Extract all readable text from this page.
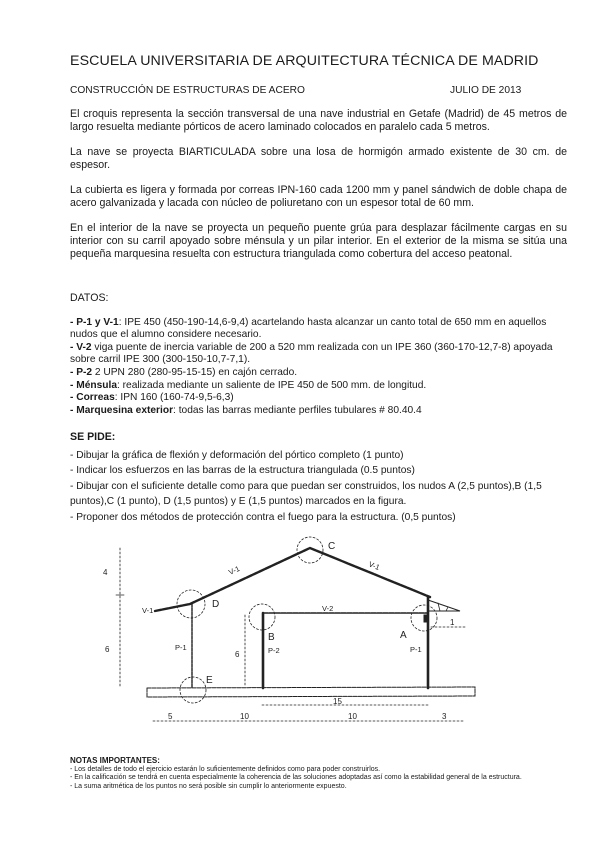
ESCUELA UNIVERSITARIA DE ARQUITECTURA TÉCNICA DE MADRID
CONSTRUCCIÓN DE ESTRUCTURAS DE ACERO	JULIO DE 2013

El croquis representa la sección transversal de una nave industrial en Getafe (Madrid) de 45 metros de largo resuelta mediante pórticos de acero laminado colocados en paralelo cada 5 metros.

La nave se proyecta BIARTICULADA sobre una losa de hormigón armado existente de 30 cm. de espesor.

La cubierta es ligera y formada por correas IPN-160 cada 1200 mm y panel sándwich de doble chapa de acero galvanizada y lacada con núcleo de poliuretano con un espesor total de 60 mm.

En el interior de la nave se proyecta un pequeño puente grúa para desplazar fácilmente cargas en su interior con su carril apoyado sobre ménsula y un pilar interior. En el exterior de la misma se sitúa una pequeña marquesina resuelta con estructura triangulada como cobertura del acceso peatonal.

DATOS:
- P-1 y V-1: IPE 450 (450-190-14,6-9,4) acartelando hasta alcanzar un canto total de 650 mm en aquellos nudos que el alumno considere necesario.
- V-2 viga puente de inercia variable de 200 a 520 mm realizada con un IPE 360 (360-170-12,7-8) apoyada sobre carril IPE 300 (300-150-10,7-7,1).
- P-2 2 UPN 280 (280-95-15-15) en cajón cerrado.
- Ménsula: realizada mediante un saliente de IPE 450 de 500 mm. de longitud.
- Correas: IPN 160 (160-74-9,5-6,3)
- Marquesina exterior: todas las barras mediante perfiles tubulares # 80.40.4
SE PIDE:
- Dibujar la gráfica de flexión y deformación del pórtico completo (1 punto)
- Indicar los esfuerzos en las barras de la estructura triangulada (0.5 puntos)
- Dibujar con el suficiente detalle como para que puedan ser construidos, los nudos A (2,5 puntos),B (1,5 puntos),C (1 punto), D (1,5 puntos) y E (1,5 puntos) marcados en la figura.
- Proponer dos métodos de protección contra el fuego para la estructura. (0,5 puntos)
V-1
V-1	V-1
V-2
P-1	P-2	P-1
A
B
C
D
E
4
6
6
15
5	10	10	3
1
NOTAS IMPORTANTES:
- Los detalles de todo el ejercicio estarán lo suficientemente definidos como para poder construirlos.
- En la calificación se tendrá en cuenta especialmente la coherencia de las soluciones adoptadas así como la estabilidad general de la estructura.
- La suma aritmética de los puntos no será posible sin cumplir lo anteriormente expuesto.
